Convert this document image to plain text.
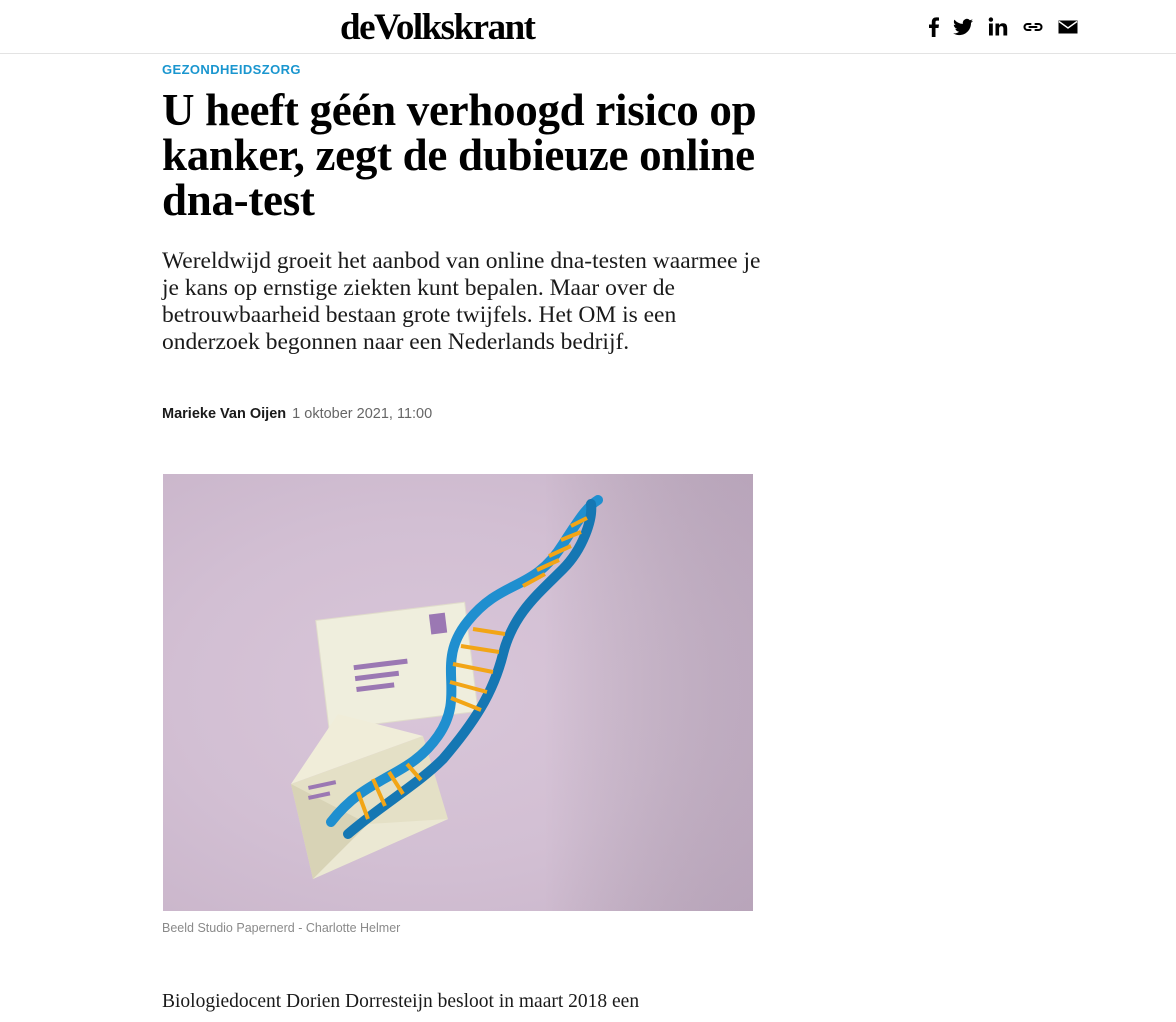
deVolkskrant
GEZONDHEIDSZORG
U heeft géén verhoogd risico op kanker, zegt de dubieuze online dna-test

Wereldwijd groeit het aanbod van online dna-testen waarmee je je kans op ernstige ziekten kunt bepalen. Maar over de betrouwbaarheid bestaan grote twijfels. Het OM is een onderzoek begonnen naar een Nederlands bedrijf.

Marieke Van Oijen 1 oktober 2021, 11:00
Beeld Studio Papernerd - Charlotte Helmer

Biologiedocent Dorien Dorresteijn besloot in maart 2018 een
